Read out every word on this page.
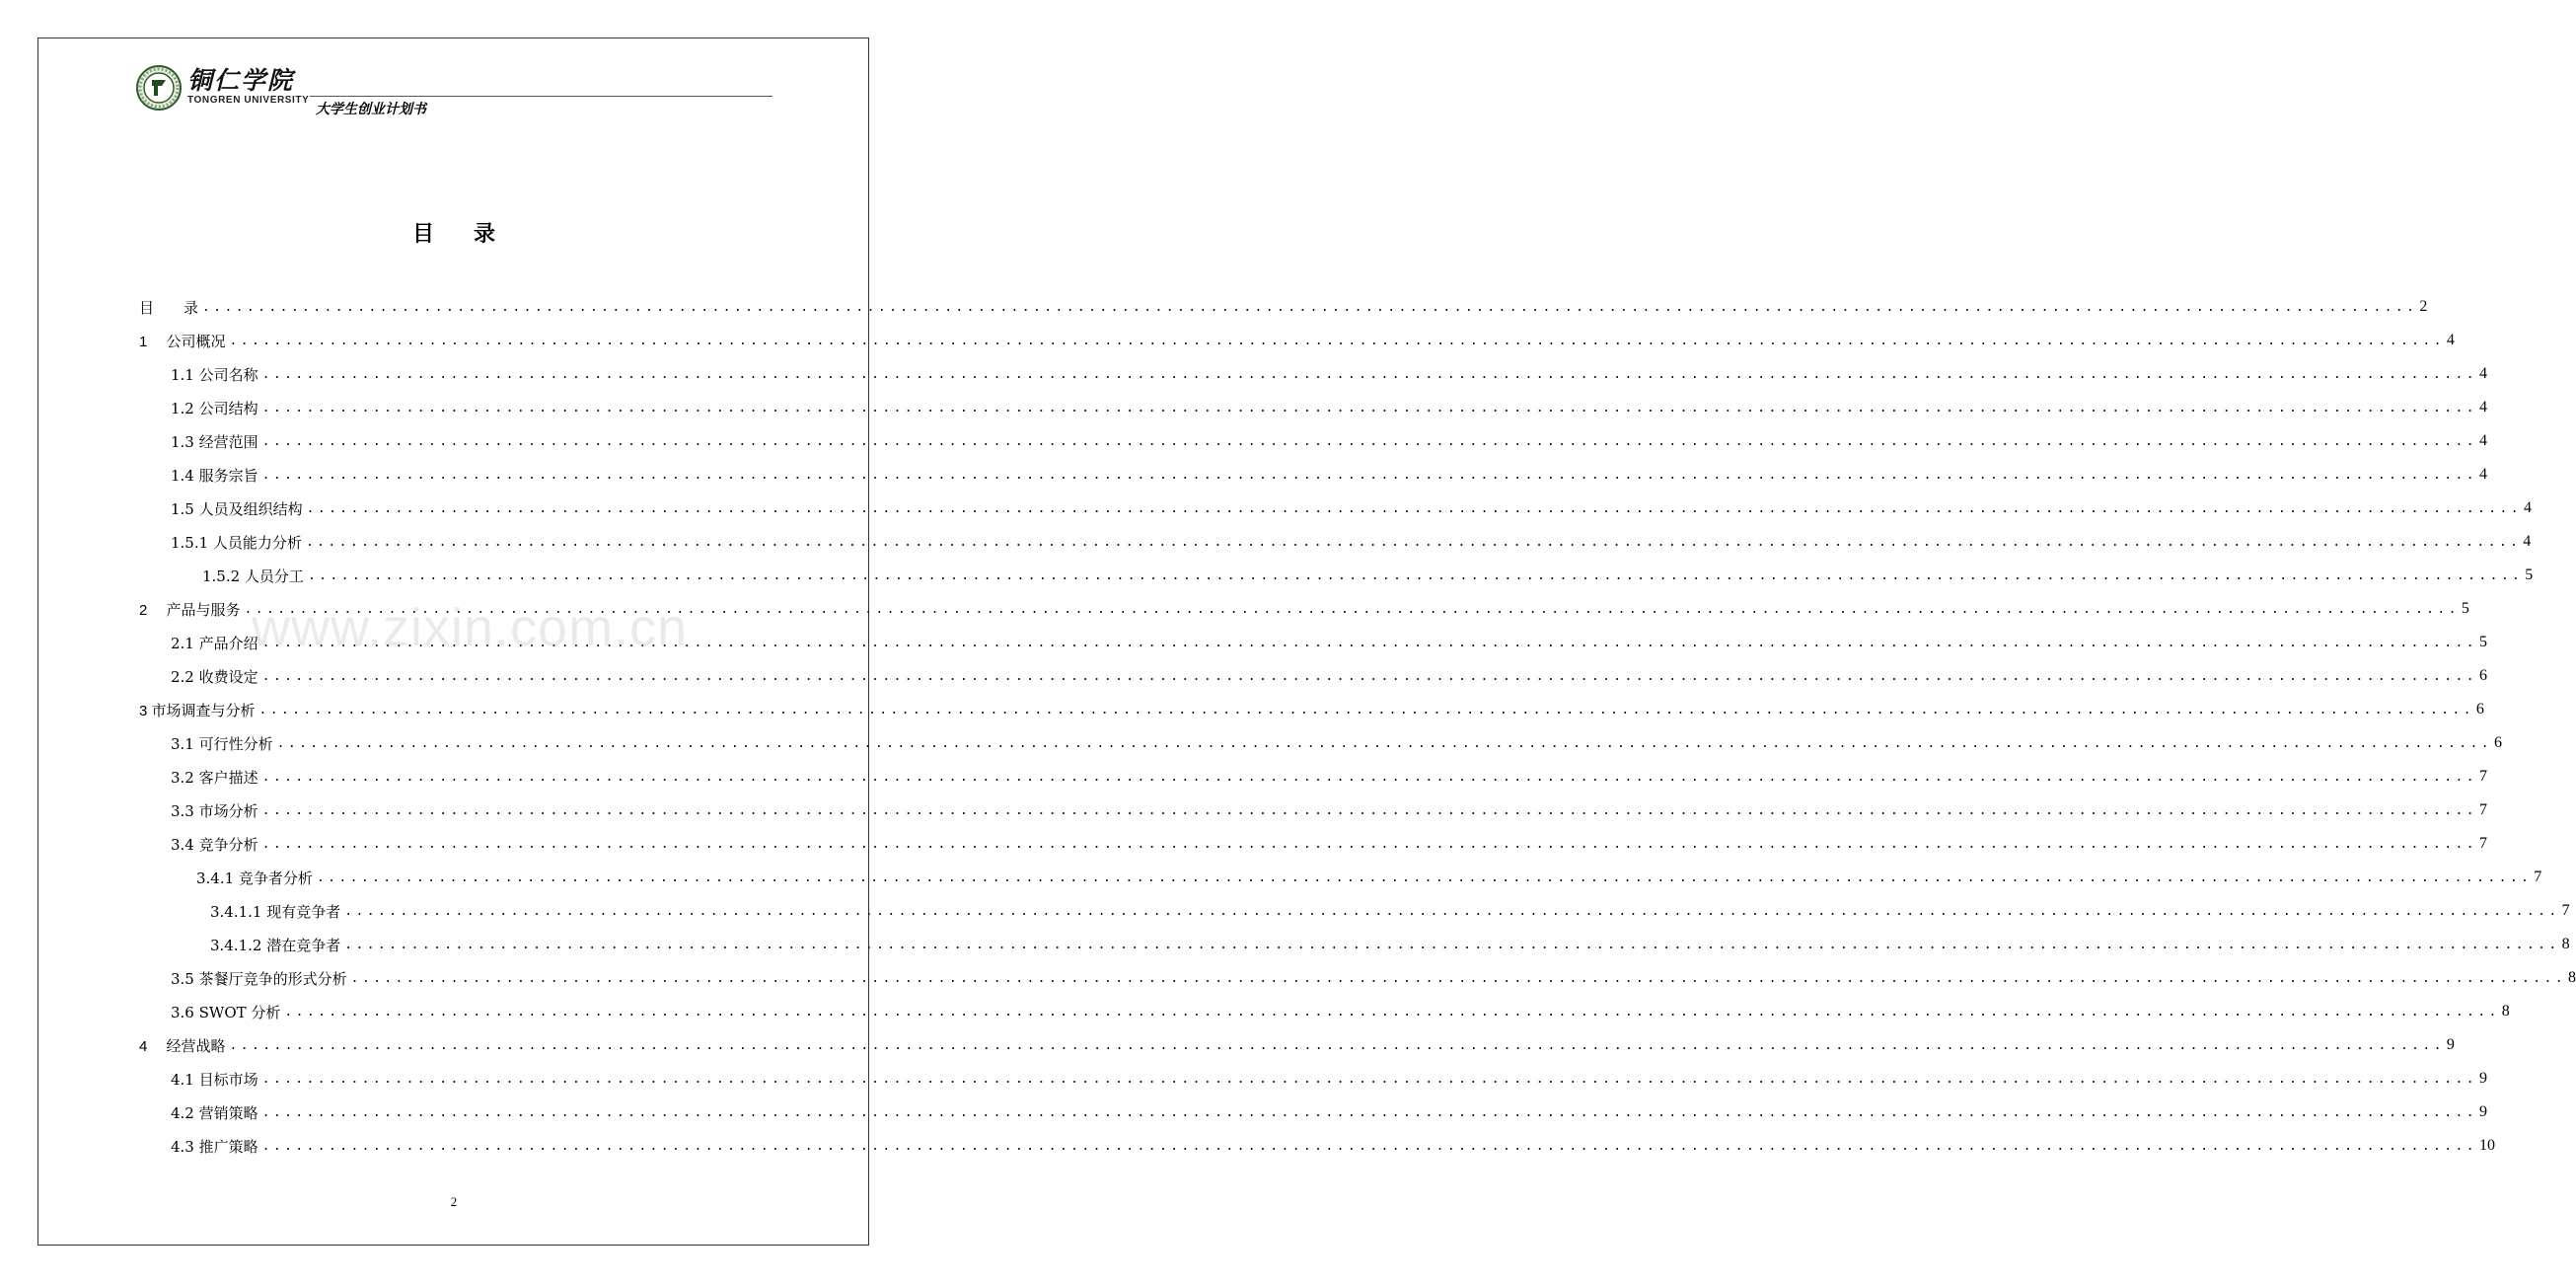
铜仁学院
TONGREN UNIVERSITY
大学生创业计划书
目录
目　　录 ........................................................................................................................................................................................................ 2
1　 公司概况 ........................................................................................................................................................................................................ 4
1.1 公司名称 ........................................................................................................................................................................................................ 4
1.2 公司结构 ........................................................................................................................................................................................................ 4
1.3 经营范围 ........................................................................................................................................................................................................ 4
1.4 服务宗旨 ........................................................................................................................................................................................................ 4
1.5 人员及组织结构 ........................................................................................................................................................................................................ 4
1.5.1 人员能力分析 ........................................................................................................................................................................................................ 4
1.5.2 人员分工 ........................................................................................................................................................................................................ 5
2　 产品与服务 ........................................................................................................................................................................................................ 5
2.1 产品介绍 ........................................................................................................................................................................................................ 5
2.2 收费设定 ........................................................................................................................................................................................................ 6
3 市场调查与分析 ........................................................................................................................................................................................................ 6
3.1 可行性分析 ........................................................................................................................................................................................................ 6
3.2 客户描述 ........................................................................................................................................................................................................ 7
3.3 市场分析 ........................................................................................................................................................................................................ 7
3.4 竞争分析 ........................................................................................................................................................................................................ 7
3.4.1 竞争者分析 ........................................................................................................................................................................................................ 7
3.4.1.1 现有竞争者 ........................................................................................................................................................................................................ 7
3.4.1.2 潜在竞争者 ........................................................................................................................................................................................................ 8
3.5 茶餐厅竞争的形式分析 ........................................................................................................................................................................................................ 8
3.6 SWOT 分析 ........................................................................................................................................................................................................ 8
4　 经营战略 ........................................................................................................................................................................................................ 9
4.1 目标市场 ........................................................................................................................................................................................................ 9
4.2 营销策略 ........................................................................................................................................................................................................ 9
4.3 推广策略 ........................................................................................................................................................................................................ 10
www.zixin.com.cn
2
